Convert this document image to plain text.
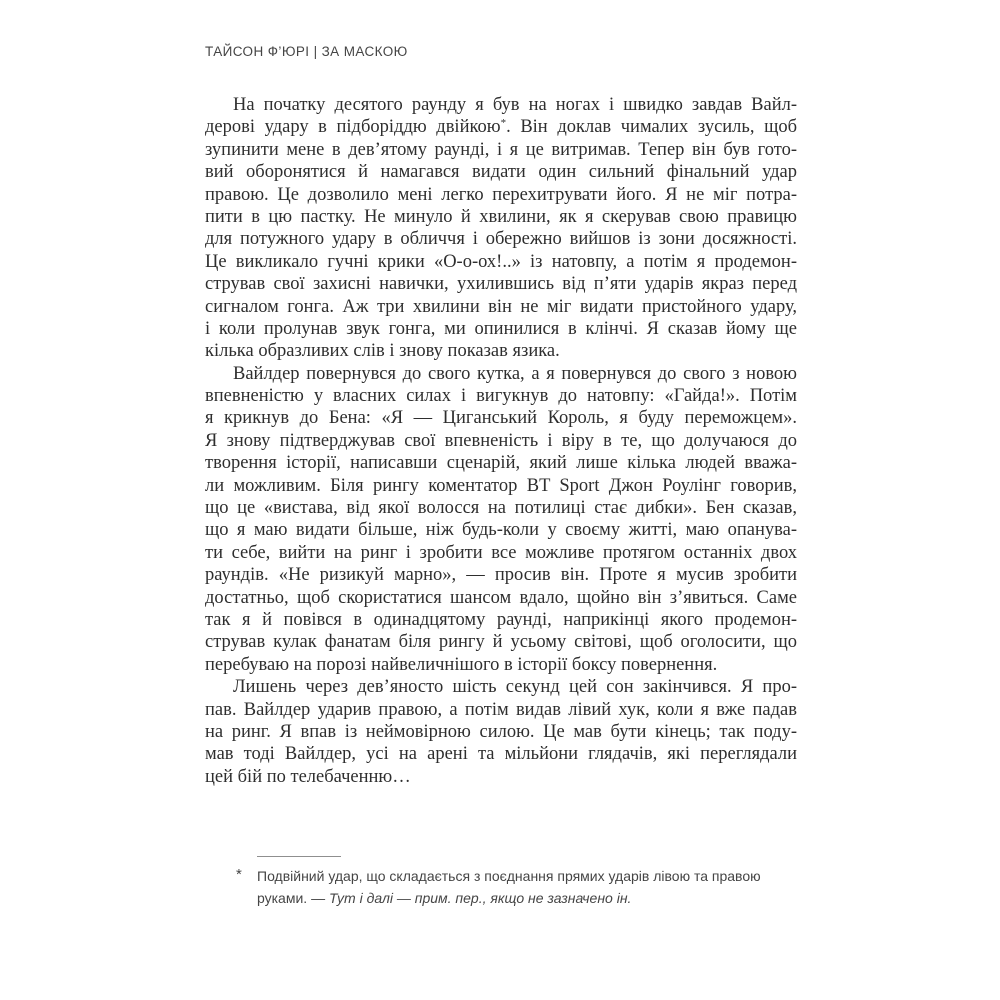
ТАЙСОН Ф’ЮРІ | ЗА МАСКОЮ
На початку десятого раунду я був на ногах і швидко завдав Вайл-
дерові удару в підборіддю двійкою*. Він доклав чималих зусиль, щоб
зупинити мене в дев’ятому раунді, і я це витримав. Тепер він був гото-
вий оборонятися й намагався видати один сильний фінальний удар
правою. Це дозволило мені легко перехитрувати його. Я не міг потра-
пити в цю пастку. Не минуло й хвилини, як я скерував свою правицю
для потужного удару в обличчя і обережно вийшов із зони досяжності.
Це викликало гучні крики «О-о-ох!..» із натовпу, а потім я продемон-
стрував свої захисні навички, ухилившись від п’яти ударів якраз перед
сигналом гонга. Аж три хвилини він не міг видати пристойного удару,
і коли пролунав звук гонга, ми опинилися в клінчі. Я сказав йому ще
кілька образливих слів і знову показав язика.
Вайлдер повернувся до свого кутка, а я повернувся до свого з новою
впевненістю у власних силах і вигукнув до натовпу: «Гайда!». Потім
я крикнув до Бена: «Я — Циганський Король, я буду переможцем».
Я знову підтверджував свої впевненість і віру в те, що долучаюся до
творення історії, написавши сценарій, який лише кілька людей вважа-
ли можливим. Біля рингу коментатор BT Sport Джон Роулінг говорив,
що це «вистава, від якої волосся на потилиці стає дибки». Бен сказав,
що я маю видати більше, ніж будь-коли у своєму житті, маю опанува-
ти себе, вийти на ринг і зробити все можливе протягом останніх двох
раундів. «Не ризикуй марно», — просив він. Проте я мусив зробити
достатньо, щоб скористатися шансом вдало, щойно він з’явиться. Саме
так я й повівся в одинадцятому раунді, наприкінці якого продемон-
стрував кулак фанатам біля рингу й усьому світові, щоб оголосити, що
перебуваю на порозі найвеличнішого в історії боксу повернення.
Лишень через дев’яносто шість секунд цей сон закінчився. Я про-
пав. Вайлдер ударив правою, а потім видав лівий хук, коли я вже падав
на ринг. Я впав із неймовірною силою. Це мав бути кінець; так поду-
мав тоді Вайлдер, усі на арені та мільйони глядачів, які переглядали
цей бій по телебаченню…
* Подвійний удар, що складається з поєднання прямих ударів лівою та правою руками. — Тут і далі — прим. пер., якщо не зазначено ін.
